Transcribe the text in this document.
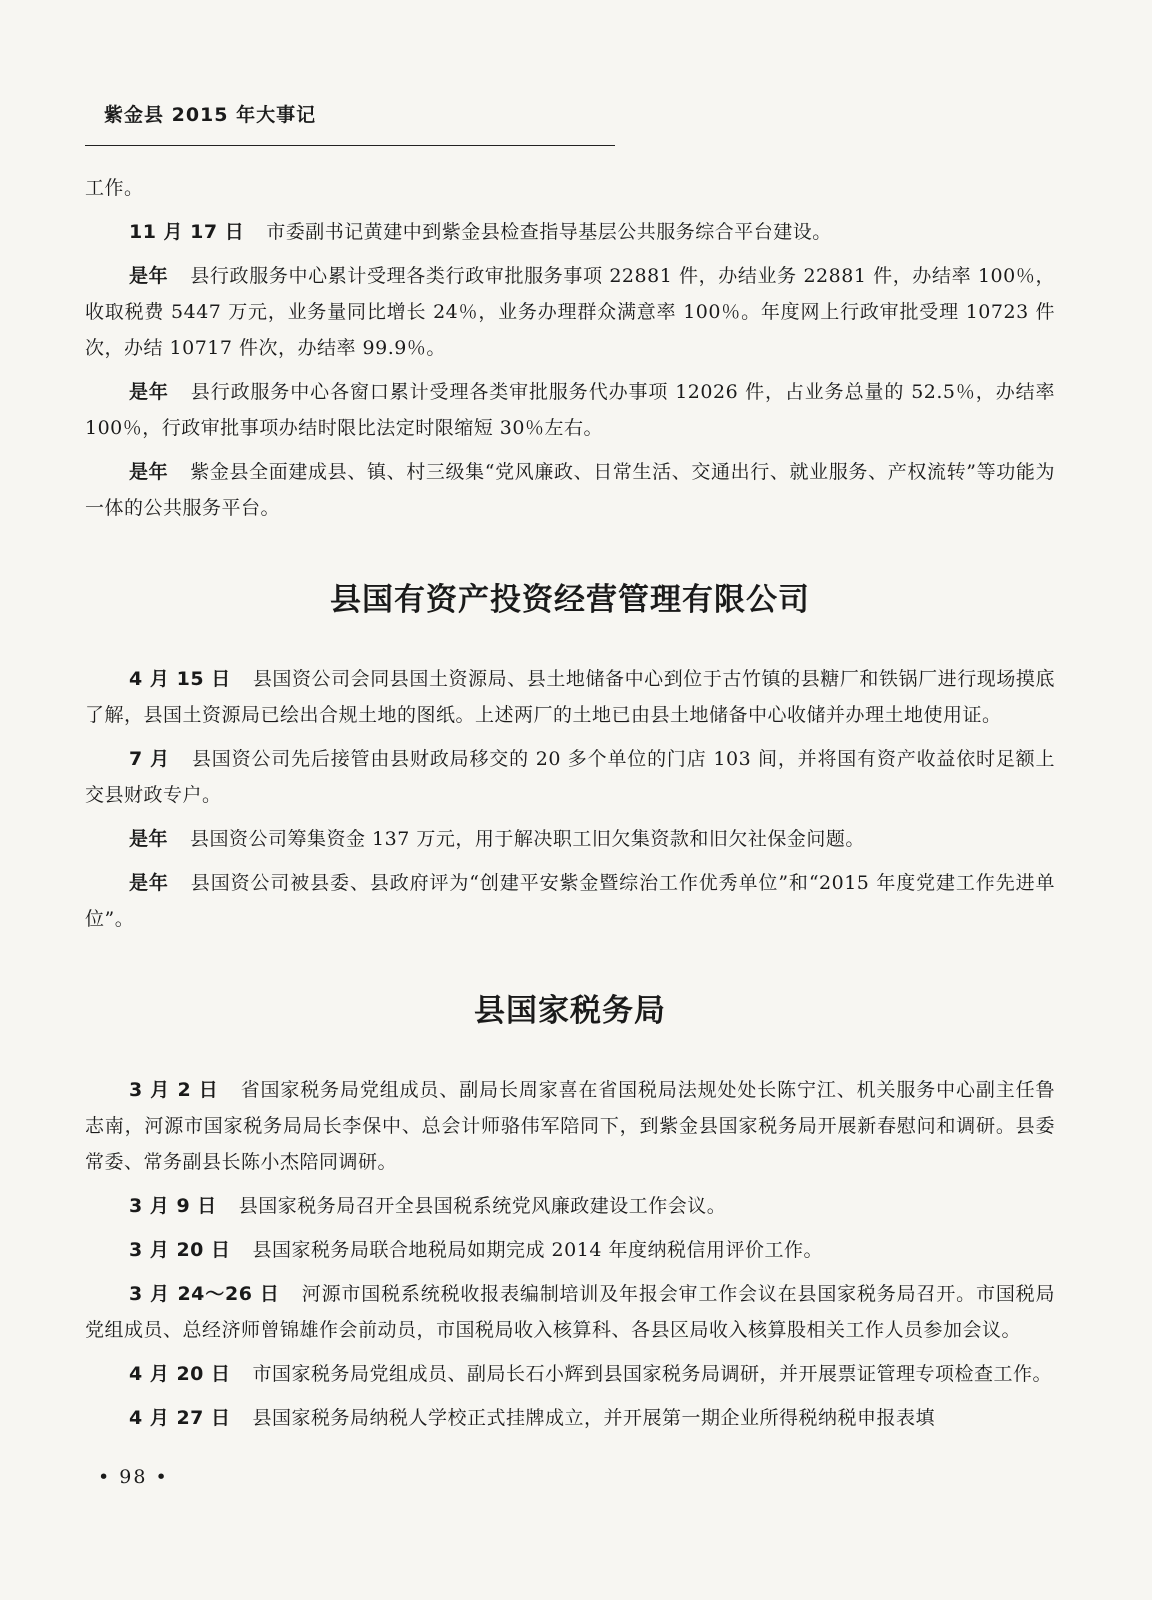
紫金县 2015 年大事记

工作。

11 月 17 日 市委副书记黄建中到紫金县检查指导基层公共服务综合平台建设。

是年 县行政服务中心累计受理各类行政审批服务事项 22881 件，办结业务 22881 件，办结率 100％，收取税费 5447 万元，业务量同比增长 24％，业务办理群众满意率 100％。年度网上行政审批受理 10723 件次，办结 10717 件次，办结率 99.9％。

是年 县行政服务中心各窗口累计受理各类审批服务代办事项 12026 件，占业务总量的 52.5％，办结率 100％，行政审批事项办结时限比法定时限缩短 30％左右。

是年 紫金县全面建成县、镇、村三级集“党风廉政、日常生活、交通出行、就业服务、产权流转”等功能为一体的公共服务平台。

县国有资产投资经营管理有限公司

4 月 15 日 县国资公司会同县国土资源局、县土地储备中心到位于古竹镇的县糖厂和铁锅厂进行现场摸底了解，县国土资源局已绘出合规土地的图纸。上述两厂的土地已由县土地储备中心收储并办理土地使用证。

7 月 县国资公司先后接管由县财政局移交的 20 多个单位的门店 103 间，并将国有资产收益依时足额上交县财政专户。

是年 县国资公司筹集资金 137 万元，用于解决职工旧欠集资款和旧欠社保金问题。

是年 县国资公司被县委、县政府评为“创建平安紫金暨综治工作优秀单位”和“2015 年度党建工作先进单位”。

县国家税务局

3 月 2 日 省国家税务局党组成员、副局长周家喜在省国税局法规处处长陈宁江、机关服务中心副主任鲁志南，河源市国家税务局局长李保中、总会计师骆伟军陪同下，到紫金县国家税务局开展新春慰问和调研。县委常委、常务副县长陈小杰陪同调研。

3 月 9 日 县国家税务局召开全县国税系统党风廉政建设工作会议。

3 月 20 日 县国家税务局联合地税局如期完成 2014 年度纳税信用评价工作。

3 月 24～26 日 河源市国税系统税收报表编制培训及年报会审工作会议在县国家税务局召开。市国税局党组成员、总经济师曾锦雄作会前动员，市国税局收入核算科、各县区局收入核算股相关工作人员参加会议。

4 月 20 日 市国家税务局党组成员、副局长石小辉到县国家税务局调研，并开展票证管理专项检查工作。

4 月 27 日 县国家税务局纳税人学校正式挂牌成立，并开展第一期企业所得税纳税申报表填

• 98 •
